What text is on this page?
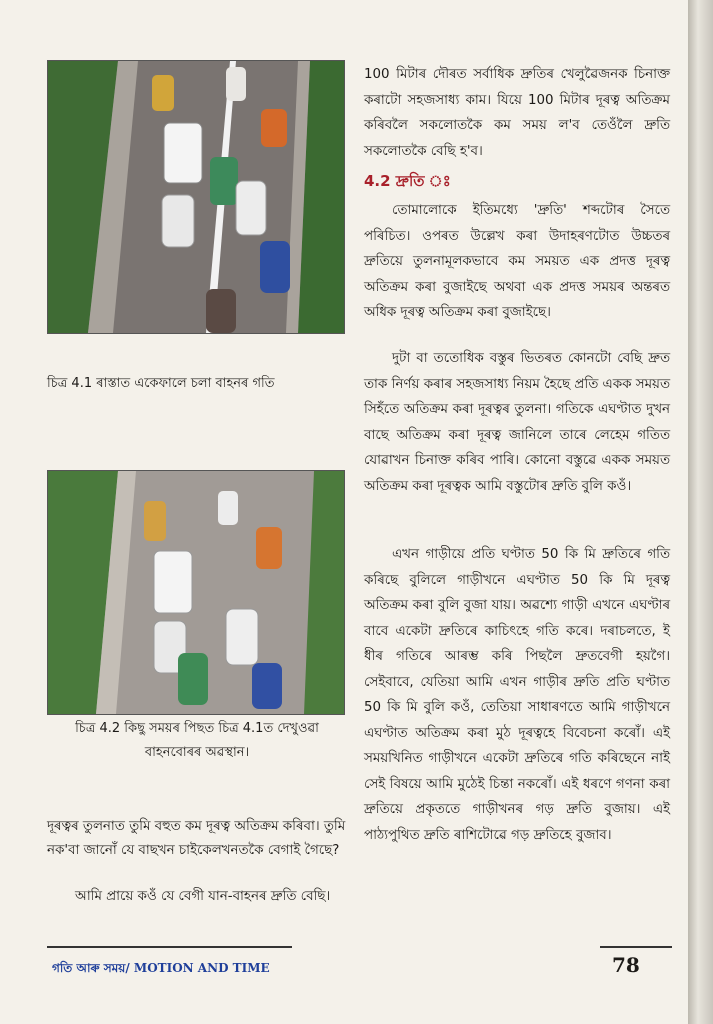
চিত্ৰ 4.1 ৰাস্তাত একেফালে চলা বাহনৰ গতি
চিত্ৰ 4.2 কিছু সময়ৰ পিছত চিত্ৰ 4.1ত দেখুওৱা বাহনবোৰৰ অৱস্থান।
দূৰত্বৰ তুলনাত তুমি বহুত কম দূৰত্ব অতিক্ৰম কৰিবা। তুমি নক'বা জানোঁ যে বাছখন চাইকেলখনতকৈ বেগাই গৈছে?
আমি প্ৰায়ে কওঁ যে বেগী যান-বাহনৰ দ্ৰুতি বেছি।
100 মিটাৰ দৌৰত সৰ্বাধিক দ্ৰুতিৰ খেলুৱৈজনক চিনাক্ত কৰাটো সহজসাধ্য কাম। যিয়ে 100 মিটাৰ দূৰত্ব অতিক্ৰম কৰিবলৈ সকলোতকৈ কম সময় ল'ব তেওঁলৈ দ্ৰুতি সকলোতকৈ বেছি হ'ব।
4.2 দ্ৰুতি ঃ
তোমালোকে ইতিমধ্যে 'দ্ৰুতি' শব্দটোৰ সৈতে পৰিচিত। ওপৰত উল্লেখ কৰা উদাহৰণটোত উচ্চতৰ দ্ৰুতিয়ে তুলনামূলকভাবে কম সময়ত এক প্ৰদত্ত দূৰত্ব অতিক্ৰম কৰা বুজাইছে অথবা এক প্ৰদত্ত সময়ৰ অন্তৰত অধিক দূৰত্ব অতিক্ৰম কৰা বুজাইছে।
দুটা বা ততোধিক বস্তুৰ ভিতৰত কোনটো বেছি দ্ৰুত তাক নিৰ্ণয় কৰাৰ সহজসাধ্য নিয়ম হৈছে প্ৰতি একক সময়ত সিহঁতে অতিক্ৰম কৰা দূৰত্বৰ তুলনা। গতিকে এঘণ্টাত দুখন বাছে অতিক্ৰম কৰা দূৰত্ব জানিলে তাৰে লেহেম গতিত যোৱাখন চিনাক্ত কৰিব পাৰি। কোনো বস্তুৱে একক সময়ত অতিক্ৰম কৰা দূৰত্বক আমি বস্তুটোৰ দ্ৰুতি বুলি কওঁ।
এখন গাড়ীয়ে প্ৰতি ঘণ্টাত 50 কি মি দ্ৰুতিৰে গতি কৰিছে বুলিলে গাড়ীখনে এঘণ্টাত 50 কি মি দূৰত্ব অতিক্ৰম কৰা বুলি বুজা যায়। অৱশ্যে গাড়ী এখনে এঘণ্টাৰ বাবে একেটা দ্ৰুতিৰে কাচিৎহে গতি কৰে। দৰাচলতে, ই ধীৰ গতিৰে আৰম্ভ কৰি পিছলৈ দ্ৰুতবেগী হয়গৈ। সেইবাবে, যেতিয়া আমি এখন গাড়ীৰ দ্ৰুতি প্ৰতি ঘণ্টাত 50 কি মি বুলি কওঁ, তেতিয়া সাধাৰণতে আমি গাড়ীখনে এঘণ্টাত অতিক্ৰম কৰা মুঠ দূৰত্বহে বিবেচনা কৰোঁ। এই সময়খিনিত গাড়ীখনে একেটা দ্ৰুতিৰে গতি কৰিছেনে নাই সেই বিষয়ে আমি মুঠেই চিন্তা নকৰোঁ। এই ধৰণে গণনা কৰা দ্ৰুতিয়ে প্ৰকৃততে গাড়ীখনৰ গড় দ্ৰুতি বুজায়। এই পাঠ্যপুথিত দ্ৰুতি ৰাশিটোৱে গড় দ্ৰুতিহে বুজাব।
গতি আৰু সময়/ MOTION AND TIME	78
